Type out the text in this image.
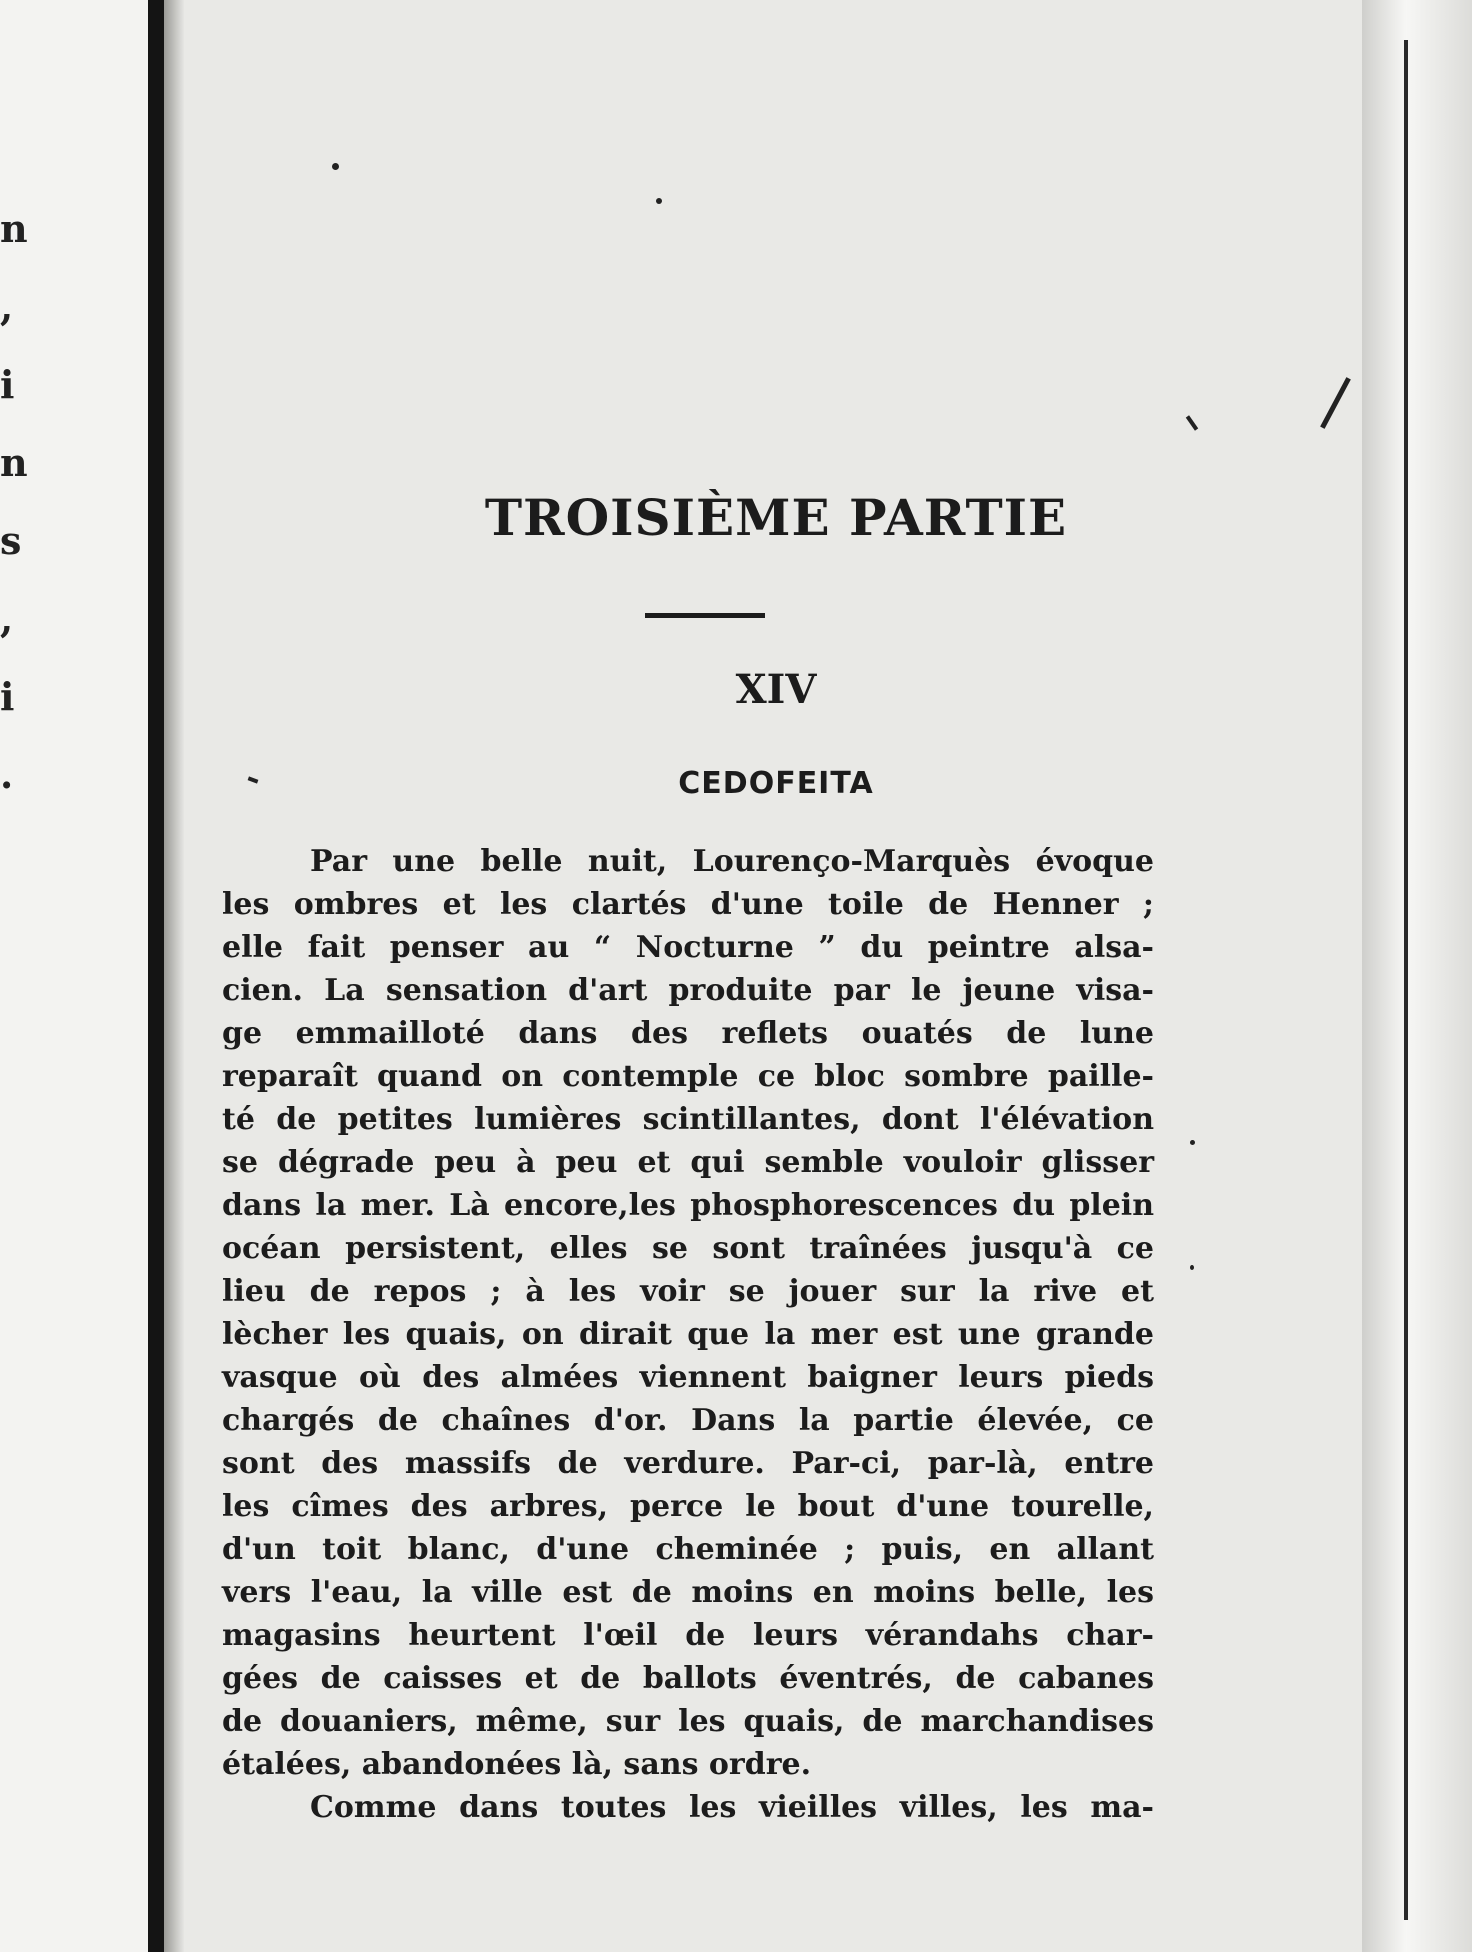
n
,
i
n
s
,
i
.
TROISIÈME PARTIE
XIV
CEDOFEITA
Par une belle nuit, Lourenço-Marquès évoque
les ombres et les clartés d'une toile de Henner ;
elle fait penser au “ Nocturne ” du peintre alsa-
cien. La sensation d'art produite par le jeune visa-
ge emmailloté dans des reflets ouatés de lune
reparaît quand on contemple ce bloc sombre paille-
té de petites lumières scintillantes, dont l'élévation
se dégrade peu à peu et qui semble vouloir glisser
dans la mer. Là encore,les phosphorescences du plein
océan persistent, elles se sont traînées jusqu'à ce
lieu de repos ; à les voir se jouer sur la rive et
lècher les quais, on dirait que la mer est une grande
vasque où des almées viennent baigner leurs pieds
chargés de chaînes d'or. Dans la partie élevée, ce
sont des massifs de verdure. Par-ci, par-là, entre
les cîmes des arbres, perce le bout d'une tourelle,
d'un toit blanc, d'une cheminée ; puis, en allant
vers l'eau, la ville est de moins en moins belle, les
magasins heurtent l'œil de leurs vérandahs char-
gées de caisses et de ballots éventrés, de cabanes
de douaniers, même, sur les quais, de marchandises
étalées, abandonées là, sans ordre.
Comme dans toutes les vieilles villes, les ma-
